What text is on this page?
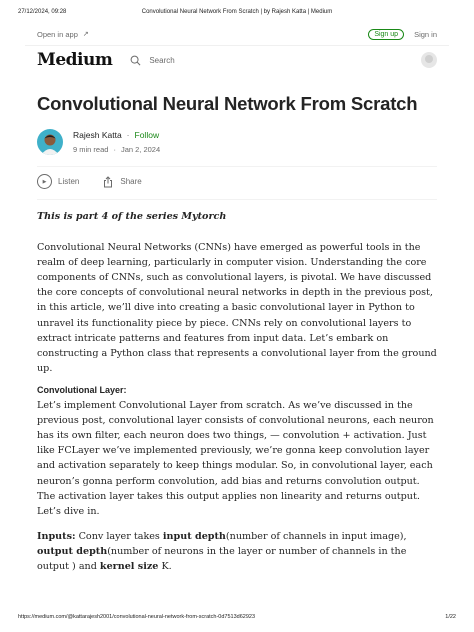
27/12/2024, 09:28	Convolutional Neural Network From Scratch | by Rajesh Katta | Medium
Open in app ↗	Sign up	Sign in
Medium	Search
Convolutional Neural Network From Scratch
Rajesh Katta · Follow
9 min read · Jan 2, 2024
▶	Listen	Share

This is part 4 of the series Mytorch

Convolutional Neural Networks (CNNs) have emerged as powerful tools in the realm of deep learning, particularly in computer vision. Understanding the core components of CNNs, such as convolutional layers, is pivotal. We have discussed the core concepts of convolutional neural networks in depth in the previous post, in this article, we’ll dive into creating a basic convolutional layer in Python to unravel its functionality piece by piece. CNNs rely on convolutional layers to extract intricate patterns and features from input data. Let’s embark on constructing a Python class that represents a convolutional layer from the ground up.

Convolutional Layer:

Let’s implement Convolutional Layer from scratch. As we’ve discussed in the previous post, convolutional layer consists of convolutional neurons, each neuron has its own filter, each neuron does two things, — convolution + activation. Just like FCLayer we’ve implemented previously, we’re gonna keep convolution layer and activation separately to keep things modular. So, in convolutional layer, each neuron’s gonna perform convolution, add bias and returns convolution output. The activation layer takes this output applies non linearity and returns output. Let’s dive in.

Inputs: Conv layer takes input depth(number of channels in input image), output depth(number of neurons in the layer or number of channels in the output ) and kernel size K.

https://medium.com/@kattarajesh2001/convolutional-neural-network-from-scratch-0d7513d62923	1/22
